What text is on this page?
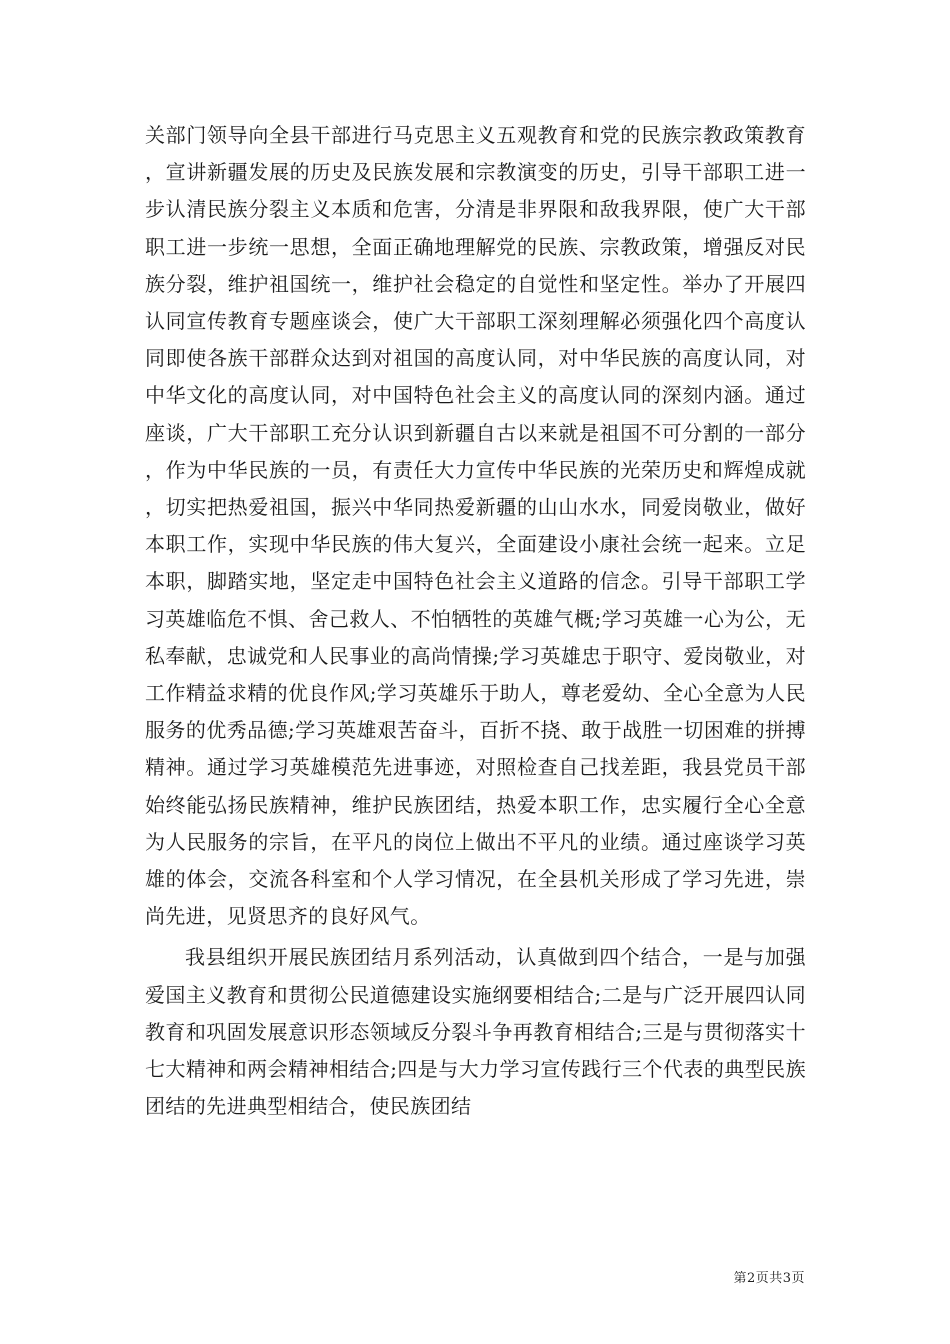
关部门领导向全县干部进行马克思主义五观教育和党的民族宗教政策教育，宣讲新疆发展的历史及民族发展和宗教演变的历史，引导干部职工进一步认清民族分裂主义本质和危害，分清是非界限和敌我界限，使广大干部职工进一步统一思想，全面正确地理解党的民族、宗教政策，增强反对民族分裂，维护祖国统一，维护社会稳定的自觉性和坚定性。举办了开展四认同宣传教育专题座谈会，使广大干部职工深刻理解必须强化四个高度认同即使各族干部群众达到对祖国的高度认同，对中华民族的高度认同，对中华文化的高度认同，对中国特色社会主义的高度认同的深刻内涵。通过座谈，广大干部职工充分认识到新疆自古以来就是祖国不可分割的一部分，作为中华民族的一员，有责任大力宣传中华民族的光荣历史和辉煌成就，切实把热爱祖国，振兴中华同热爱新疆的山山水水，同爱岗敬业，做好本职工作，实现中华民族的伟大复兴，全面建设小康社会统一起来。立足本职，脚踏实地，坚定走中国特色社会主义道路的信念。引导干部职工学习英雄临危不惧、舍己救人、不怕牺牲的英雄气概;学习英雄一心为公，无私奉献，忠诚党和人民事业的高尚情操;学习英雄忠于职守、爱岗敬业，对工作精益求精的优良作风;学习英雄乐于助人，尊老爱幼、全心全意为人民服务的优秀品德;学习英雄艰苦奋斗，百折不挠、敢于战胜一切困难的拼搏精神。通过学习英雄模范先进事迹，对照检查自己找差距，我县党员干部始终能弘扬民族精神，维护民族团结，热爱本职工作，忠实履行全心全意为人民服务的宗旨，在平凡的岗位上做出不平凡的业绩。通过座谈学习英雄的体会，交流各科室和个人学习情况，在全县机关形成了学习先进，崇尚先进，见贤思齐的良好风气。

我县组织开展民族团结月系列活动，认真做到四个结合，一是与加强爱国主义教育和贯彻公民道德建设实施纲要相结合;二是与广泛开展四认同教育和巩固发展意识形态领域反分裂斗争再教育相结合;三是与贯彻落实十七大精神和两会精神相结合;四是与大力学习宣传践行三个代表的典型民族团结的先进典型相结合，使民族团结

第2页共3页
